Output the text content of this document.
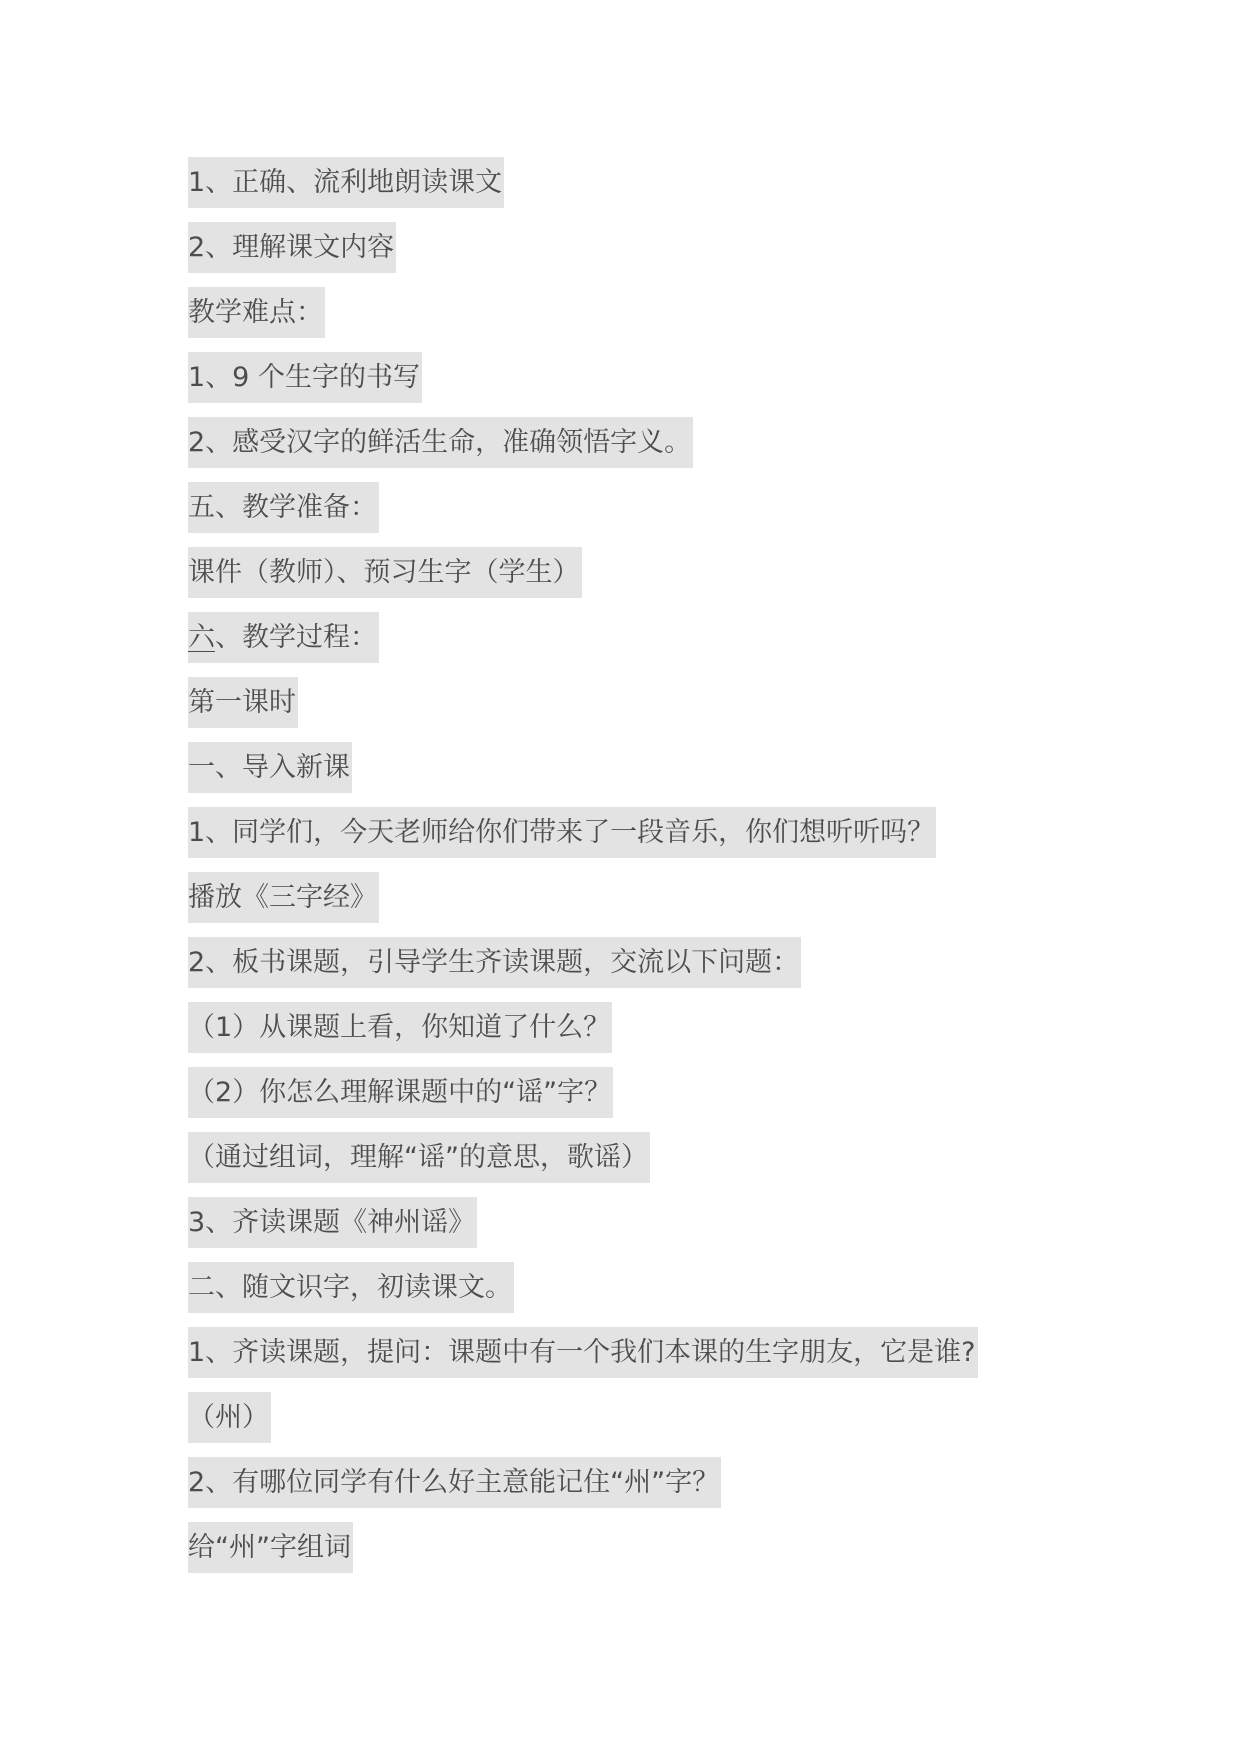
1、正确、流利地朗读课文
2、理解课文内容
教学难点：
1、9 个生字的书写
2、感受汉字的鲜活生命，准确领悟字义。
五、教学准备：
课件（教师）、预习生字（学生）
六、教学过程：
第一课时
一、导入新课
1、同学们，今天老师给你们带来了一段音乐，你们想听听吗？
播放《三字经》
2、板书课题，引导学生齐读课题，交流以下问题：
（1）从课题上看，你知道了什么？
（2）你怎么理解课题中的“谣”字？
（通过组词，理解“谣”的意思，歌谣）
3、齐读课题《神州谣》
二、随文识字，初读课文。
1、齐读课题，提问：课题中有一个我们本课的生字朋友，它是谁?
（州）
2、有哪位同学有什么好主意能记住“州”字？
给“州”字组词
